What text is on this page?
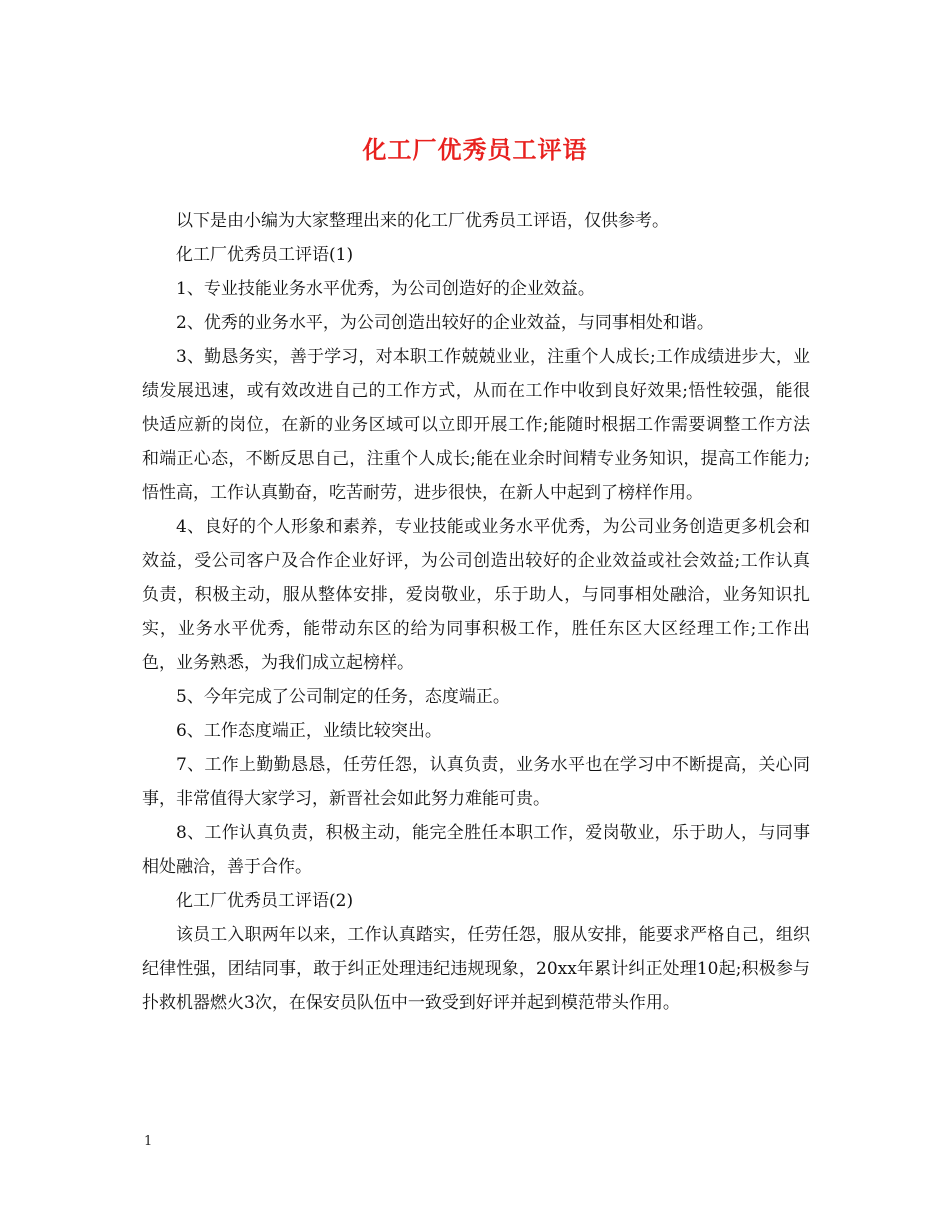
化工厂优秀员工评语

以下是由小编为大家整理出来的化工厂优秀员工评语，仅供参考。

化工厂优秀员工评语(1)

1、专业技能业务水平优秀，为公司创造好的企业效益。

2、优秀的业务水平，为公司创造出较好的企业效益，与同事相处和谐。

3、勤恳务实，善于学习，对本职工作兢兢业业，注重个人成长;工作成绩进步大，业绩发展迅速，或有效改进自己的工作方式，从而在工作中收到良好效果;悟性较强，能很快适应新的岗位，在新的业务区域可以立即开展工作;能随时根据工作需要调整工作方法和端正心态，不断反思自己，注重个人成长;能在业余时间精专业务知识，提高工作能力;悟性高，工作认真勤奋，吃苦耐劳，进步很快，在新人中起到了榜样作用。

4、良好的个人形象和素养，专业技能或业务水平优秀，为公司业务创造更多机会和效益，受公司客户及合作企业好评，为公司创造出较好的企业效益或社会效益;工作认真负责，积极主动，服从整体安排，爱岗敬业，乐于助人，与同事相处融洽，业务知识扎实，业务水平优秀，能带动东区的给为同事积极工作，胜任东区大区经理工作;工作出色，业务熟悉，为我们成立起榜样。

5、今年完成了公司制定的任务，态度端正。

6、工作态度端正，业绩比较突出。

7、工作上勤勤恳恳，任劳任怨，认真负责，业务水平也在学习中不断提高，关心同事，非常值得大家学习，新晋社会如此努力难能可贵。

8、工作认真负责，积极主动，能完全胜任本职工作，爱岗敬业，乐于助人，与同事相处融洽，善于合作。

化工厂优秀员工评语(2)

该员工入职两年以来，工作认真踏实，任劳任怨，服从安排，能要求严格自己，组织纪律性强，团结同事，敢于纠正处理违纪违规现象，20xx年累计纠正处理10起;积极参与扑救机器燃火3次，在保安员队伍中一致受到好评并起到模范带头作用。

1
